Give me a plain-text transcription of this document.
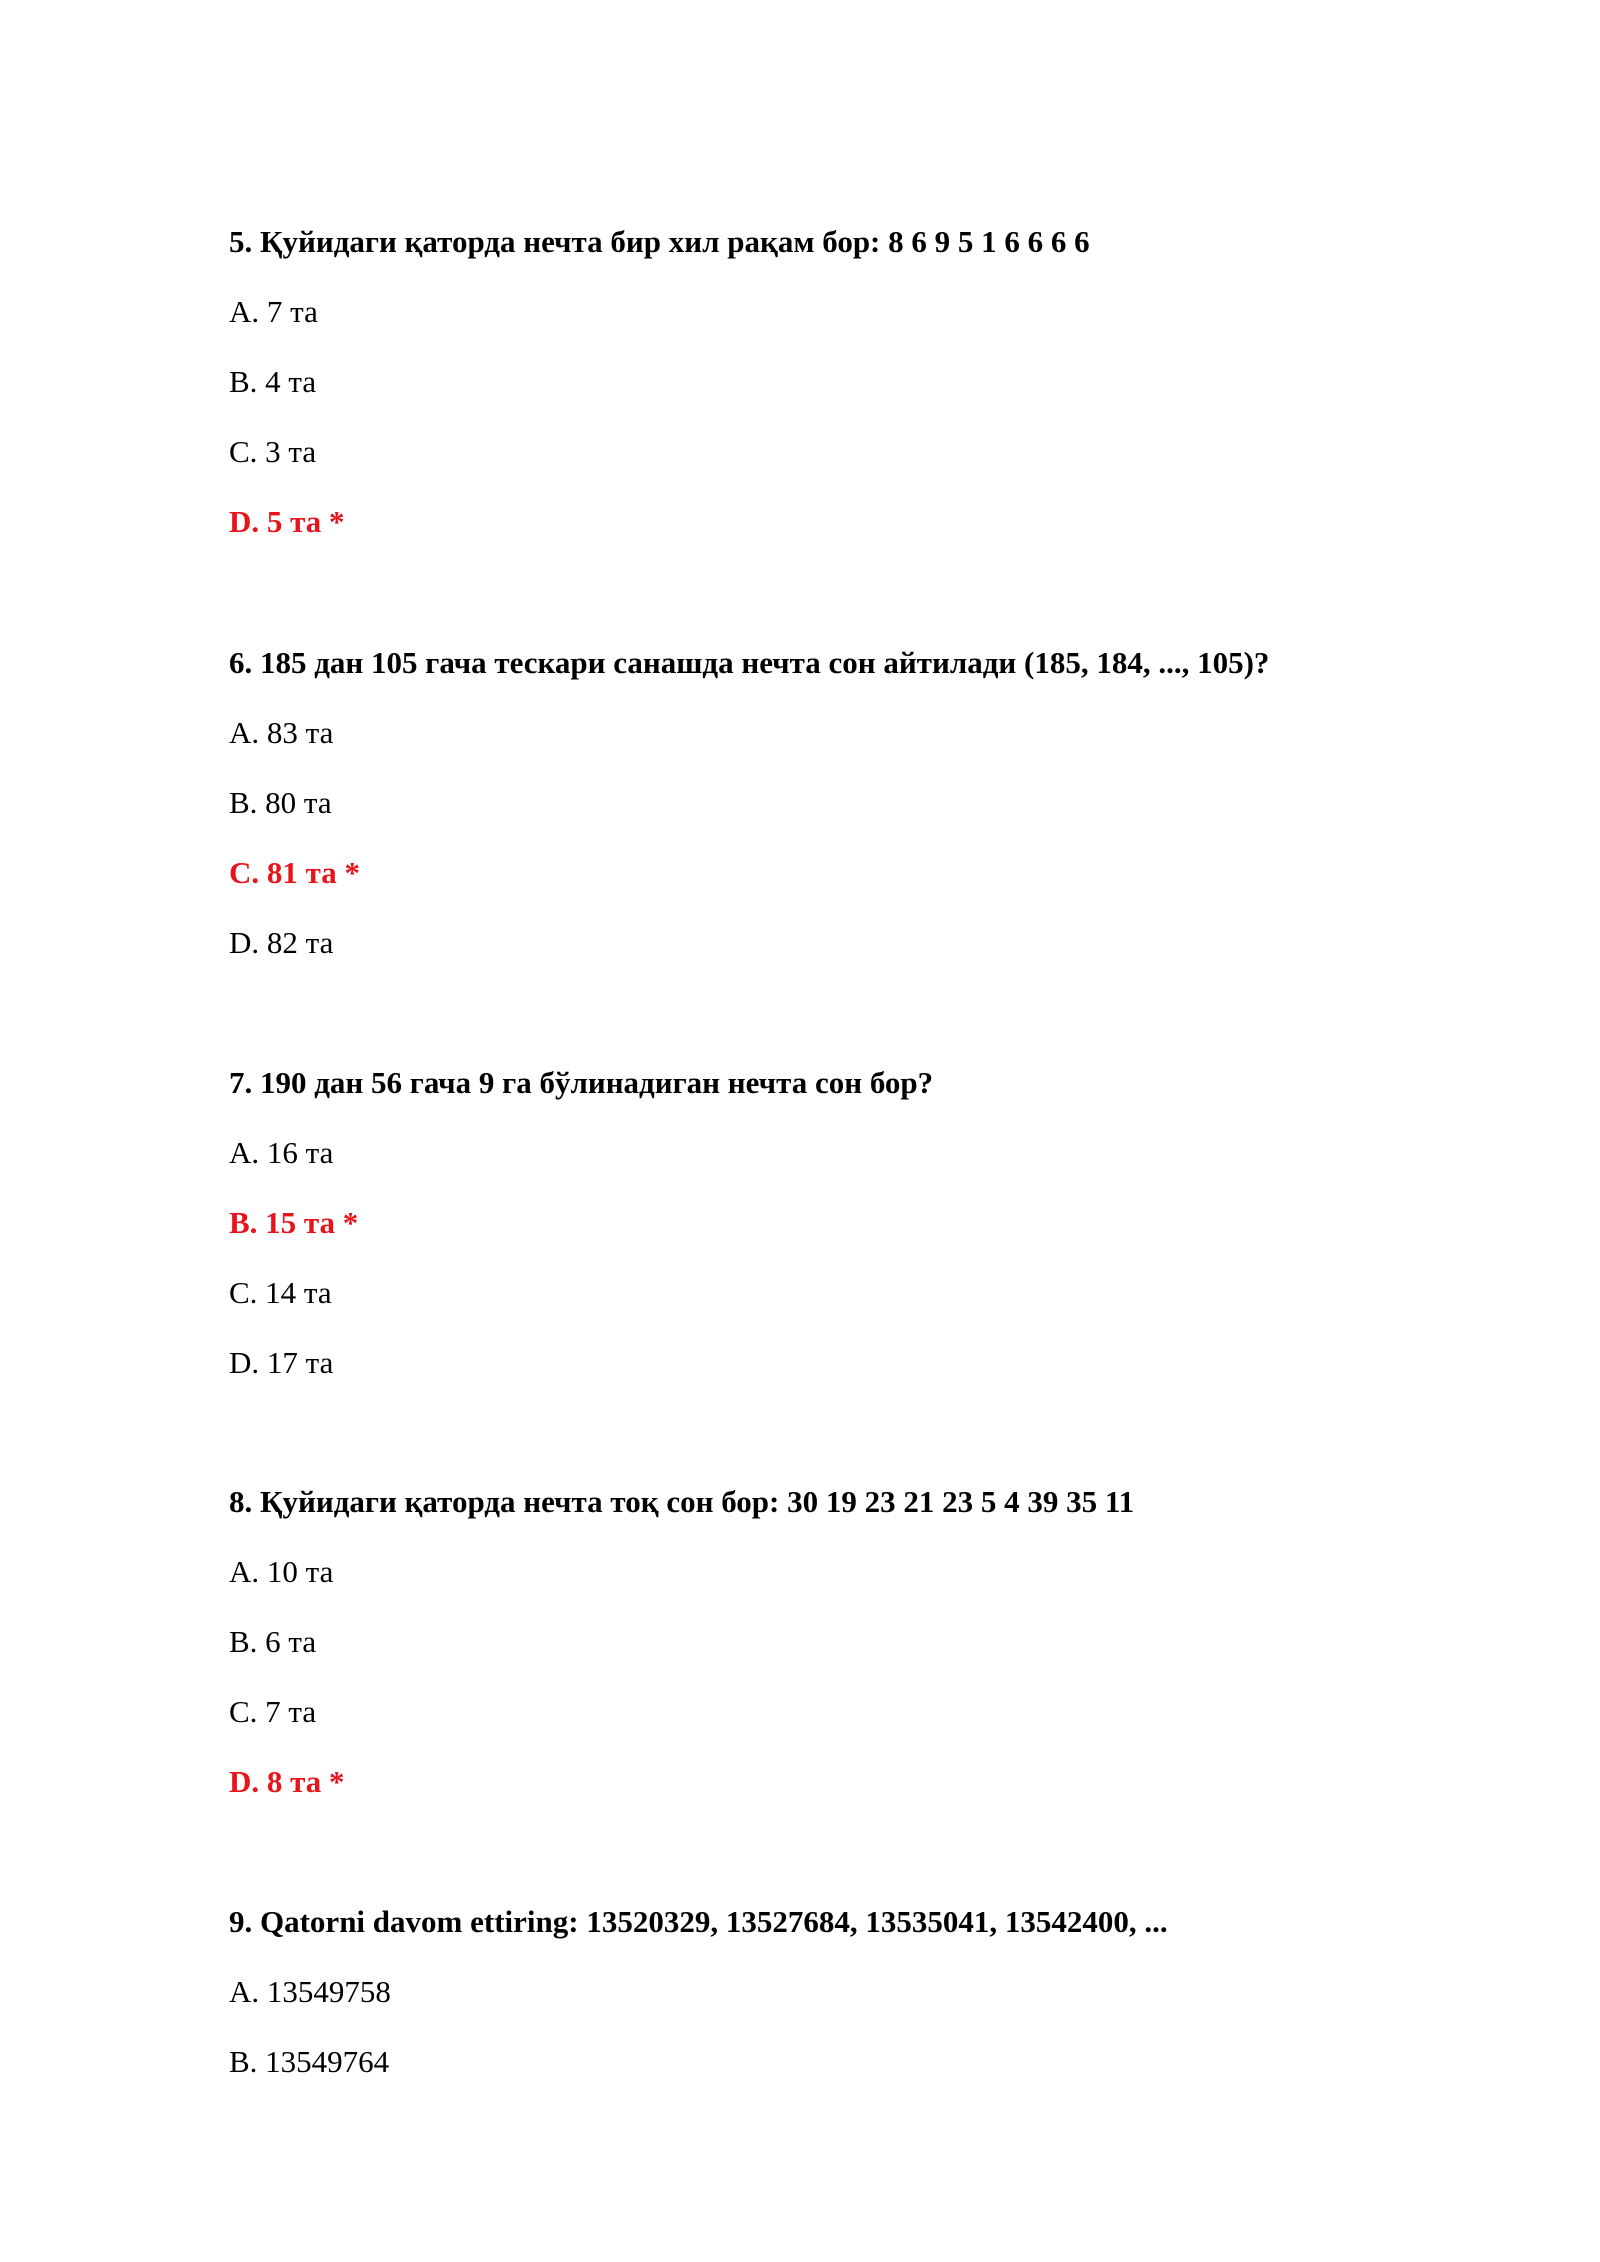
5. Қуйидаги қаторда нечта бир хил рақам бор: 8 6 9 5 1 6 6 6 6
A. 7 та
B. 4 та
C. 3 та
D. 5 та *
6. 185 дан 105 гача тескари санашда нечта сон айтилади (185, 184, ..., 105)?
A. 83 та
B. 80 та
C. 81 та *
D. 82 та
7. 190 дан 56 гача 9 га бўлинадиган нечта сон бор?
A. 16 та
B. 15 та *
C. 14 та
D. 17 та
8. Қуйидаги қаторда нечта тоқ сон бор: 30 19 23 21 23 5 4 39 35 11
A. 10 та
B. 6 та
C. 7 та
D. 8 та *
9. Qatorni davom ettiring: 13520329, 13527684, 13535041, 13542400, ...
A. 13549758
B. 13549764
